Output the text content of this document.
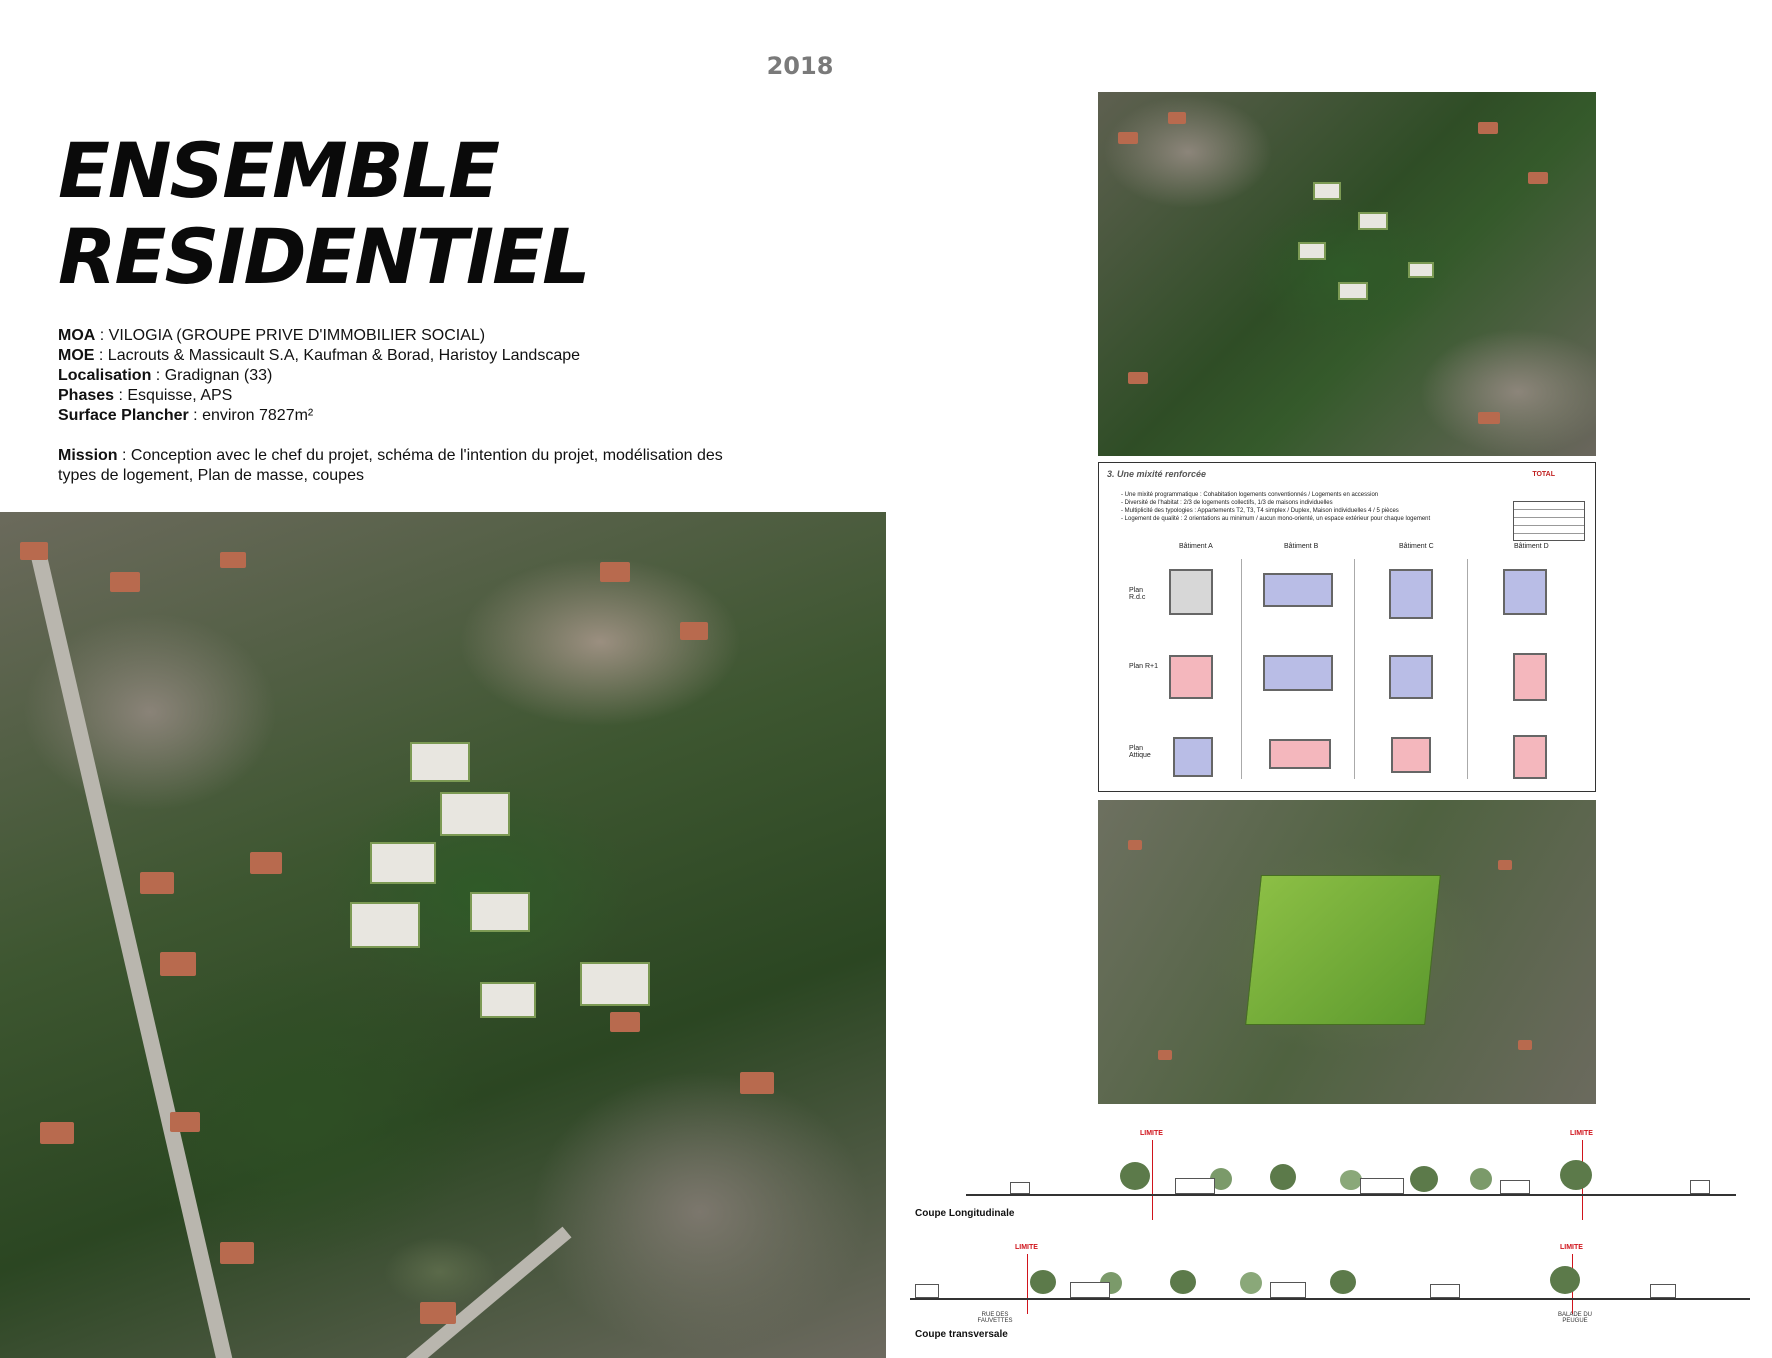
2018
ENSEMBLE
RESIDENTIEL
MOA : VILOGIA (GROUPE PRIVE D'IMMOBILIER SOCIAL)
MOE : Lacrouts & Massicault S.A, Kaufman & Borad, Haristoy Landscape
Localisation : Gradignan (33)
Phases : Esquisse, APS
Surface Plancher : environ 7827m²
Mission : Conception avec le chef du projet, schéma de l'intention du projet, modélisation des types de logement, Plan de masse, coupes	3. Une mixité renforcée	TOTAL
- Une mixité programmatique : Cohabitation logements conventionnés / Logements en accession
- Diversité de l'habitat : 2/3 de logements collectifs, 1/3 de maisons individuelles
- Multiplicité des typologies : Appartements T2, T3, T4 simplex / Duplex, Maison individuelles 4 / 5 pièces
- Logement de qualité : 2 orientations au minimum / aucun mono-orienté, un espace extérieur pour chaque logement
Bâtiment A	Bâtiment B	Bâtiment C	Bâtiment D
Plan R.d.c
Plan R+1
Plan Attique
LIMITE	LIMITE
Coupe Longitudinale
LIMITE	LIMITE
RUE DES FAUVETTES
BALADE DU PEUGUE
Coupe transversale
